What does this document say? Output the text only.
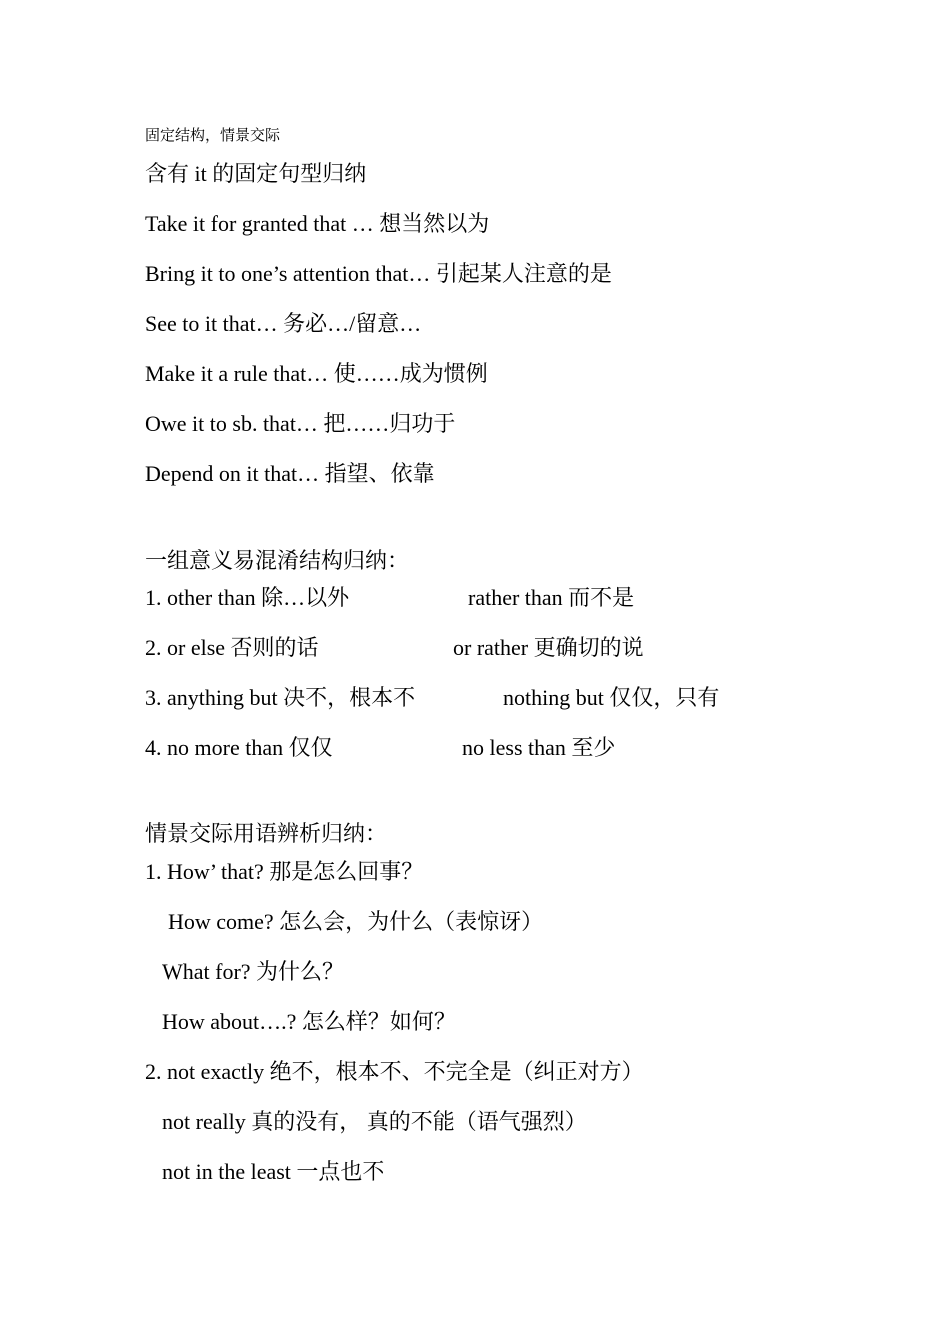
固定结构，情景交际
含有 it 的固定句型归纳
Take it for granted that … 想当然以为
Bring it to one’s attention that… 引起某人注意的是
See to it that… 务必…/留意…
Make it a rule that… 使……成为惯例
Owe it to sb. that… 把……归功于
Depend on it that… 指望、依靠
一组意义易混淆结构归纳：
1. other than 除…以外	rather than 而不是
2. or else 否则的话	or rather 更确切的说
3. anything but 决不，根本不	nothing but 仅仅，只有
4. no more than 仅仅	no less than 至少
情景交际用语辨析归纳：
1. How’ that? 那是怎么回事？
How come? 怎么会，为什么（表惊讶）
What for? 为什么？
How about….? 怎么样？如何？
2. not exactly 绝不，根本不、不完全是（纠正对方）
not really 真的没有， 真的不能（语气强烈）
not in the least 一点也不
